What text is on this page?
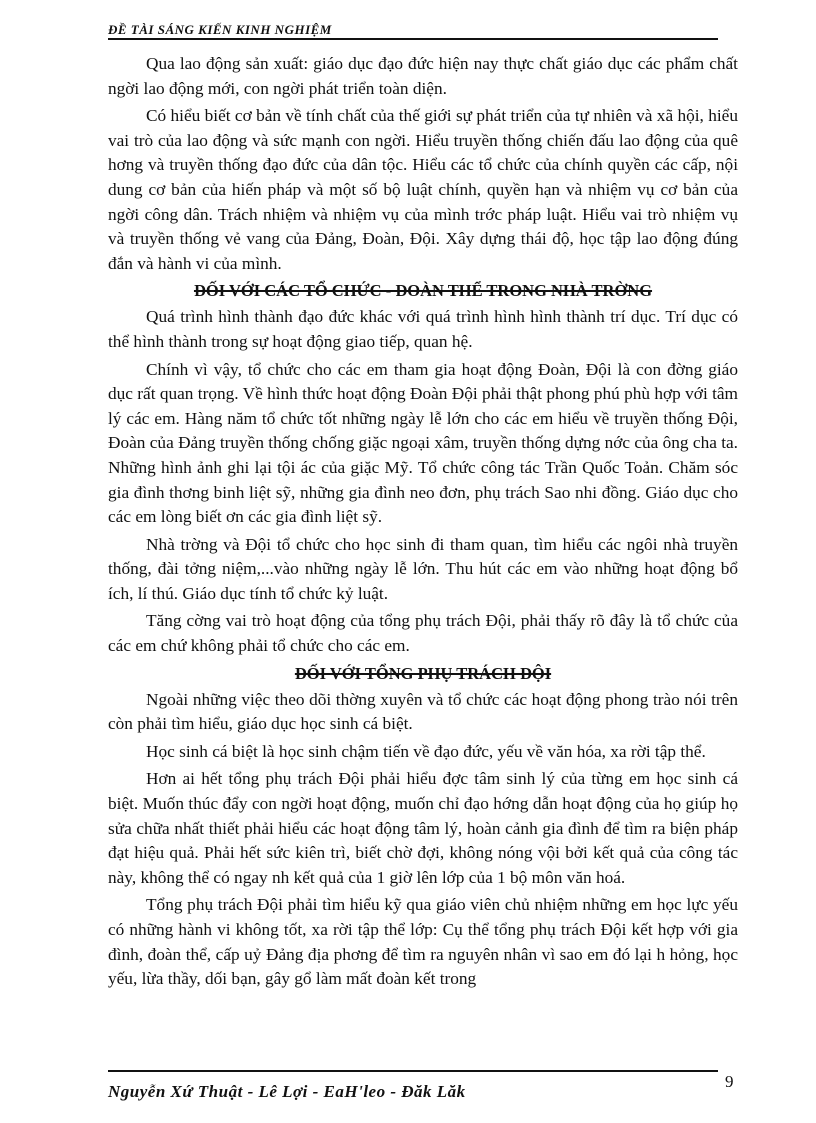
ĐỀ TÀI SÁNG KIẾN KINH NGHIỆM

Qua lao động sản xuất: giáo dục đạo đức hiện nay thực chất giáo dục các phẩm chất ngời lao động mới, con ngời phát triển toàn diện.

Có hiểu biết cơ bản về tính chất của thế giới sự phát triển của tự nhiên và xã hội, hiểu vai trò của lao động và sức mạnh con ngời. Hiểu truyền thống chiến đấu lao động của quê hơng và truyền thống đạo đức của dân tộc. Hiểu các tổ chức của chính quyền các cấp, nội dung cơ bản của hiến pháp và một số bộ luật chính, quyền hạn và nhiệm vụ cơ bản của ngời công dân. Trách nhiệm và nhiệm vụ của mình trớc pháp luật. Hiểu vai trò nhiệm vụ và truyền thống vẻ vang của Đảng, Đoàn, Đội. Xây dựng thái độ, học tập lao động đúng đắn và hành vi của mình.

ĐỐI VỚI CÁC TỔ CHỨC - ĐOÀN THỂ TRONG NHÀ TRỜNG

Quá trình hình thành đạo đức khác với quá trình hình hình thành trí dục. Trí dục có thể hình thành trong sự hoạt động giao tiếp, quan hệ.

Chính vì vậy, tổ chức cho các em tham gia hoạt động Đoàn, Đội là con đờng giáo dục rất quan trọng. Về hình thức hoạt động Đoàn Đội phải thật phong phú phù hợp với tâm lý các em. Hàng năm tổ chức tốt những ngày lễ lớn cho các em hiểu về truyền thống Đội, Đoàn của Đảng truyền thống chống giặc ngoại xâm, truyền thống dựng nớc của ông cha ta. Những hình ảnh ghi lại tội ác của giặc Mỹ. Tổ chức công tác Trần Quốc Toản. Chăm sóc gia đình thơng binh liệt sỹ, những gia đình neo đơn, phụ trách Sao nhi đồng. Giáo dục cho các em lòng biết ơn các gia đình liệt sỹ.

Nhà trờng và Đội tổ chức cho học sinh đi tham quan, tìm hiểu các ngôi nhà truyền thống, đài tởng niệm,...vào những ngày lễ lớn. Thu hút các em vào những hoạt động bổ ích, lí thú. Giáo dục tính tổ chức kỷ luật.

Tăng cờng vai trò hoạt động của tổng phụ trách Đội, phải thấy rõ đây là tổ chức của các em chứ không phải tổ chức cho các em.

ĐỐI VỚI TỔNG PHỤ TRÁCH ĐỘI

Ngoài những việc theo dõi thờng xuyên và tổ chức các hoạt động phong trào nói trên còn phải tìm hiểu, giáo dục học sinh cá biệt.

Học sinh cá biệt là học sinh chậm tiến về đạo đức, yếu về văn hóa, xa rời tập thể.

Hơn ai hết tổng phụ trách Đội phải hiểu đợc tâm sinh lý của từng em học sinh cá biệt. Muốn thúc đẩy con ngời hoạt động, muốn chỉ đạo hớng dẫn hoạt động của họ giúp họ sửa chữa nhất thiết phải hiểu các hoạt động tâm lý, hoàn cảnh gia đình để tìm ra biện pháp đạt hiệu quả. Phải hết sức kiên trì, biết chờ đợi, không nóng vội bởi kết quả của công tác này, không thể có ngay nh kết quả của 1 giờ lên lớp của 1 bộ môn văn hoá.

Tổng phụ trách Đội phải tìm hiểu kỹ qua giáo viên chủ nhiệm những em học lực yếu có những hành vi không tốt, xa rời tập thể lớp: Cụ thể tổng phụ trách Đội kết hợp với gia đình, đoàn thể, cấp uỷ Đảng địa phơng để tìm ra nguyên nhân vì sao em đó lại h hỏng, học yếu, lừa thầy, dối bạn, gây gổ làm mất đoàn kết trong

Nguyễn Xứ Thuật - Lê Lợi - EaH'leo - Đăk Lăk
9
